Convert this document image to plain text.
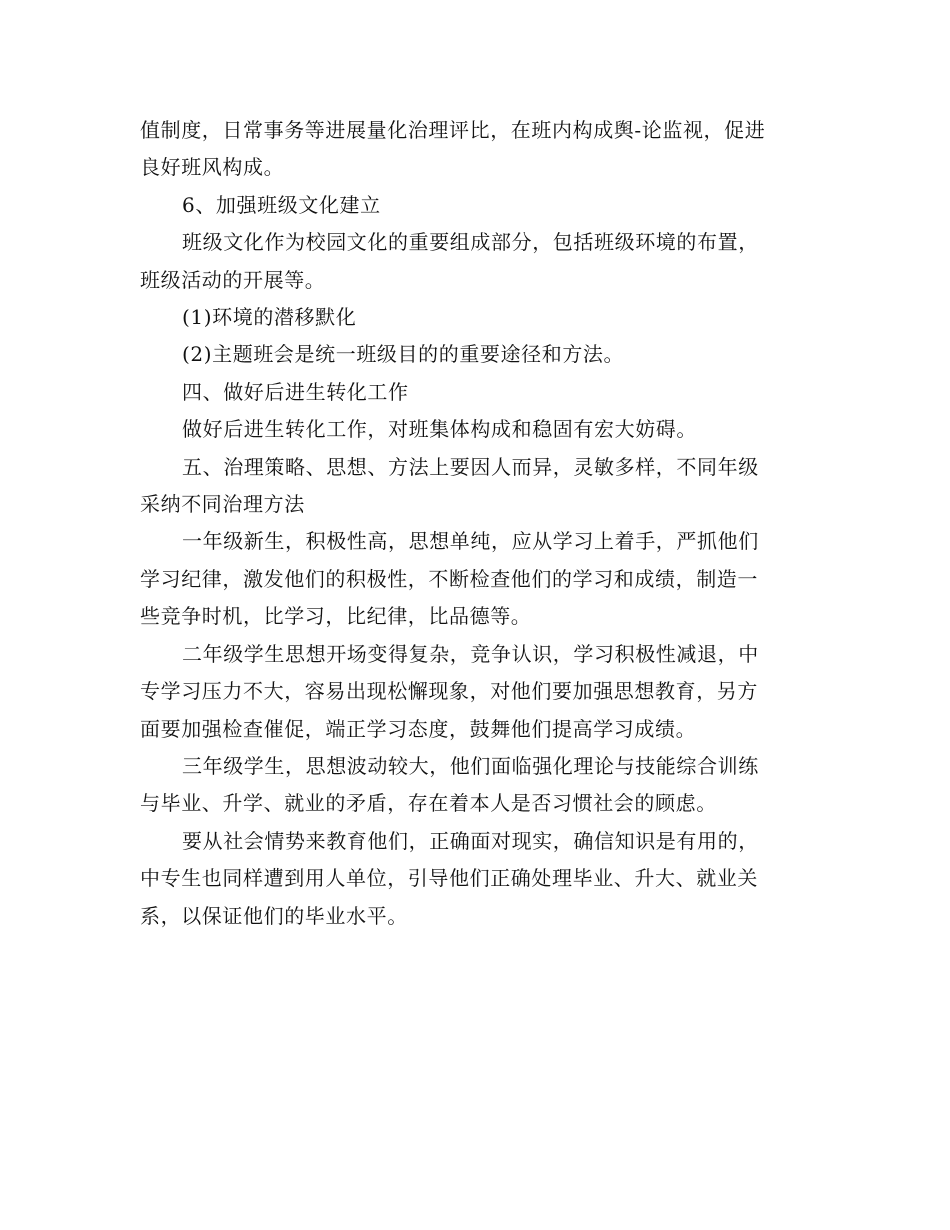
值制度，日常事务等进展量化治理评比，在班内构成舆-论监视，促进
良好班风构成。
6、加强班级文化建立
班级文化作为校园文化的重要组成部分，包括班级环境的布置，
班级活动的开展等。
(1)环境的潜移默化
(2)主题班会是统一班级目的的重要途径和方法。
四、做好后进生转化工作
做好后进生转化工作，对班集体构成和稳固有宏大妨碍。
五、治理策略、思想、方法上要因人而异，灵敏多样，不同年级
采纳不同治理方法
一年级新生，积极性高，思想单纯，应从学习上着手，严抓他们
学习纪律，激发他们的积极性，不断检查他们的学习和成绩，制造一
些竞争时机，比学习，比纪律，比品德等。
二年级学生思想开场变得复杂，竞争认识，学习积极性减退，中
专学习压力不大，容易出现松懈现象，对他们要加强思想教育，另方
面要加强检查催促，端正学习态度，鼓舞他们提高学习成绩。
三年级学生，思想波动较大，他们面临强化理论与技能综合训练
与毕业、升学、就业的矛盾，存在着本人是否习惯社会的顾虑。
要从社会情势来教育他们，正确面对现实，确信知识是有用的，
中专生也同样遭到用人单位，引导他们正确处理毕业、升大、就业关
系，以保证他们的毕业水平。
